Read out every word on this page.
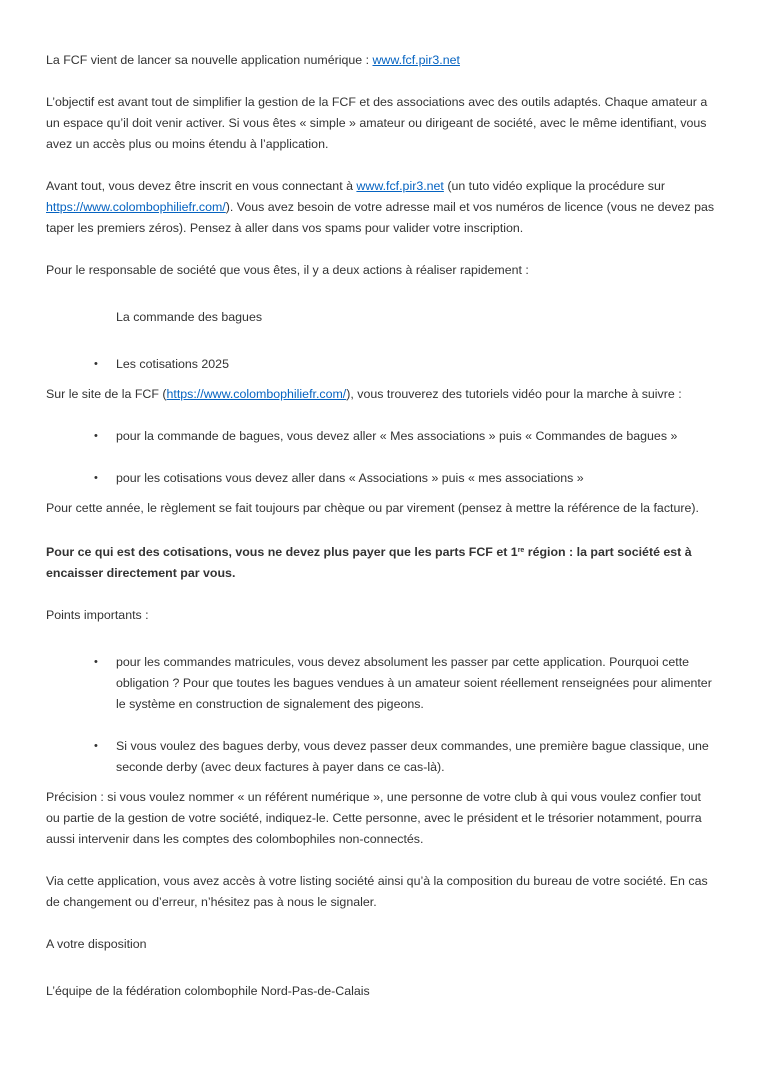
La FCF vient de lancer sa nouvelle application numérique : www.fcf.pir3.net

L’objectif est avant tout de simplifier la gestion de la FCF et des associations avec des outils adaptés. Chaque amateur a un espace qu’il doit venir activer. Si vous êtes « simple » amateur ou dirigeant de société, avec le même identifiant, vous avez un accès plus ou moins étendu à l’application.

Avant tout, vous devez être inscrit en vous connectant à www.fcf.pir3.net (un tuto vidéo explique la procédure sur https://www.colombophiliefr.com/). Vous avez besoin de votre adresse mail et vos numéros de licence (vous ne devez pas taper les premiers zéros). Pensez à aller dans vos spams pour valider votre inscription.

Pour le responsable de société que vous êtes, il y a deux actions à réaliser rapidement :

La commande des bagues

• Les cotisations 2025

Sur le site de la FCF (https://www.colombophiliefr.com/), vous trouverez des tutoriels vidéo pour la marche à suivre :

• pour la commande de bagues, vous devez aller « Mes associations » puis « Commandes de bagues »
• pour les cotisations vous devez aller dans « Associations » puis « mes associations »

Pour cette année, le règlement se fait toujours par chèque ou par virement (pensez à mettre la référence de la facture).

Pour ce qui est des cotisations, vous ne devez plus payer que les parts FCF et 1re région : la part société est à encaisser directement par vous.

Points importants :

• pour les commandes matricules, vous devez absolument les passer par cette application. Pourquoi cette obligation ? Pour que toutes les bagues vendues à un amateur soient réellement renseignées pour alimenter le système en construction de signalement des pigeons.
• Si vous voulez des bagues derby, vous devez passer deux commandes, une première bague classique, une seconde derby (avec deux factures à payer dans ce cas-là).

Précision : si vous voulez nommer « un référent numérique », une personne de votre club à qui vous voulez confier tout ou partie de la gestion de votre société, indiquez-le. Cette personne, avec le président et le trésorier notamment, pourra aussi intervenir dans les comptes des colombophiles non-connectés.

Via cette application, vous avez accès à votre listing société ainsi qu’à la composition du bureau de votre société. En cas de changement ou d’erreur, n’hésitez pas à nous le signaler.

A votre disposition

L’équipe de la fédération colombophile Nord-Pas-de-Calais
